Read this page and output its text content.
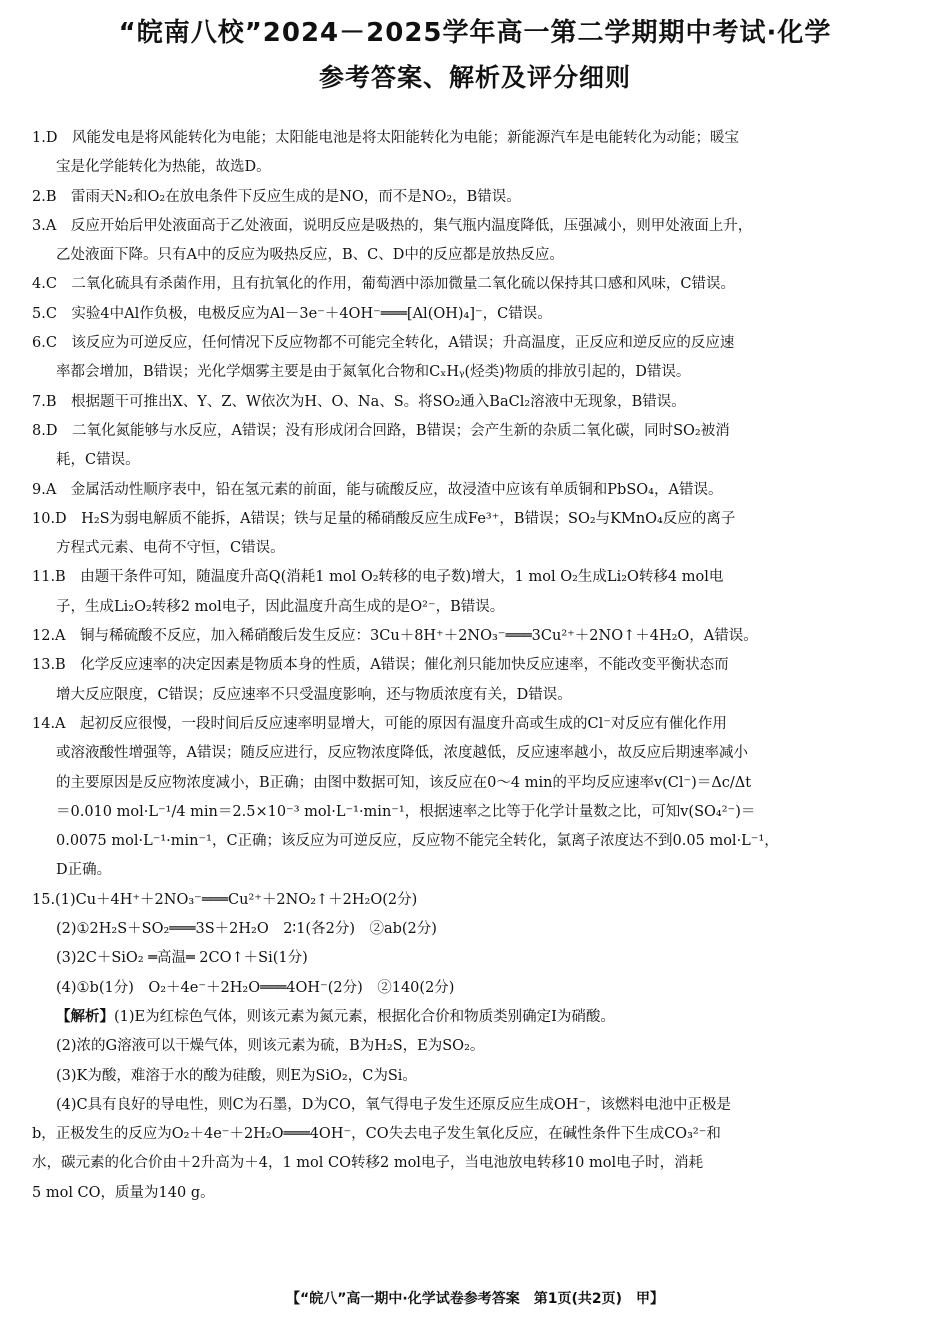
“皖南八校”2024－2025学年高一第二学期期中考试·化学
参考答案、解析及评分细则

1.D　风能发电是将风能转化为电能；太阳能电池是将太阳能转化为电能；新能源汽车是电能转化为动能；暖宝

宝是化学能转化为热能，故选D。

2.B　雷雨天N₂和O₂在放电条件下反应生成的是NO，而不是NO₂，B错误。

3.A　反应开始后甲处液面高于乙处液面，说明反应是吸热的，集气瓶内温度降低，压强减小，则甲处液面上升，

乙处液面下降。只有A中的反应为吸热反应，B、C、D中的反应都是放热反应。

4.C　二氧化硫具有杀菌作用，且有抗氧化的作用，葡萄酒中添加微量二氧化硫以保持其口感和风味，C错误。

5.C　实验4中Al作负极，电极反应为Al－3e⁻＋4OH⁻═══[Al(OH)₄]⁻，C错误。

6.C　该反应为可逆反应，任何情况下反应物都不可能完全转化，A错误；升高温度，正反应和逆反应的反应速

率都会增加，B错误；光化学烟雾主要是由于氮氧化合物和CₓHᵧ(烃类)物质的排放引起的，D错误。

7.B　根据题干可推出X、Y、Z、W依次为H、O、Na、S。将SO₂通入BaCl₂溶液中无现象，B错误。

8.D　二氧化氮能够与水反应，A错误；没有形成闭合回路，B错误；会产生新的杂质二氧化碳，同时SO₂被消

耗，C错误。

9.A　金属活动性顺序表中，铅在氢元素的前面，能与硫酸反应，故浸渣中应该有单质铜和PbSO₄，A错误。

10.D　H₂S为弱电解质不能拆，A错误；铁与足量的稀硝酸反应生成Fe³⁺，B错误；SO₂与KMnO₄反应的离子

方程式元素、电荷不守恒，C错误。

11.B　由题干条件可知，随温度升高Q(消耗1 mol O₂转移的电子数)增大，1 mol O₂生成Li₂O转移4 mol电

子，生成Li₂O₂转移2 mol电子，因此温度升高生成的是O²⁻，B错误。

12.A　铜与稀硫酸不反应，加入稀硝酸后发生反应：3Cu＋8H⁺＋2NO₃⁻═══3Cu²⁺＋2NO↑＋4H₂O，A错误。

13.B　化学反应速率的决定因素是物质本身的性质，A错误；催化剂只能加快反应速率，不能改变平衡状态而

增大反应限度，C错误；反应速率不只受温度影响，还与物质浓度有关，D错误。

14.A　起初反应很慢，一段时间后反应速率明显增大，可能的原因有温度升高或生成的Cl⁻对反应有催化作用

或溶液酸性增强等，A错误；随反应进行，反应物浓度降低，浓度越低，反应速率越小，故反应后期速率减小

的主要原因是反应物浓度减小，B正确；由图中数据可知，该反应在0～4 min的平均反应速率v(Cl⁻)＝Δc/Δt

＝0.010 mol·L⁻¹/4 min＝2.5×10⁻³ mol·L⁻¹·min⁻¹，根据速率之比等于化学计量数之比，可知v(SO₄²⁻)＝

0.0075 mol·L⁻¹·min⁻¹，C正确；该反应为可逆反应，反应物不能完全转化，氯离子浓度达不到0.05 mol·L⁻¹，

D正确。

15.(1)Cu＋4H⁺＋2NO₃⁻═══Cu²⁺＋2NO₂↑＋2H₂O(2分)

(2)①2H₂S＋SO₂═══3S＋2H₂O　2∶1(各2分)　②ab(2分)

(3)2C＋SiO₂ ═高温═ 2CO↑＋Si(1分)

(4)①b(1分)　O₂＋4e⁻＋2H₂O═══4OH⁻(2分)　②140(2分)

【解析】(1)E为红棕色气体，则该元素为氮元素，根据化合价和物质类别确定I为硝酸。

(2)浓的G溶液可以干燥气体，则该元素为硫，B为H₂S，E为SO₂。

(3)K为酸，难溶于水的酸为硅酸，则E为SiO₂，C为Si。

(4)C具有良好的导电性，则C为石墨，D为CO，氧气得电子发生还原反应生成OH⁻，该燃料电池中正极是

b，正极发生的反应为O₂＋4e⁻＋2H₂O═══4OH⁻，CO失去电子发生氧化反应，在碱性条件下生成CO₃²⁻和

水，碳元素的化合价由＋2升高为＋4，1 mol CO转移2 mol电子，当电池放电转移10 mol电子时，消耗

5 mol CO，质量为140 g。

【“皖八”高一期中·化学试卷参考答案　第1页(共2页)　甲】
